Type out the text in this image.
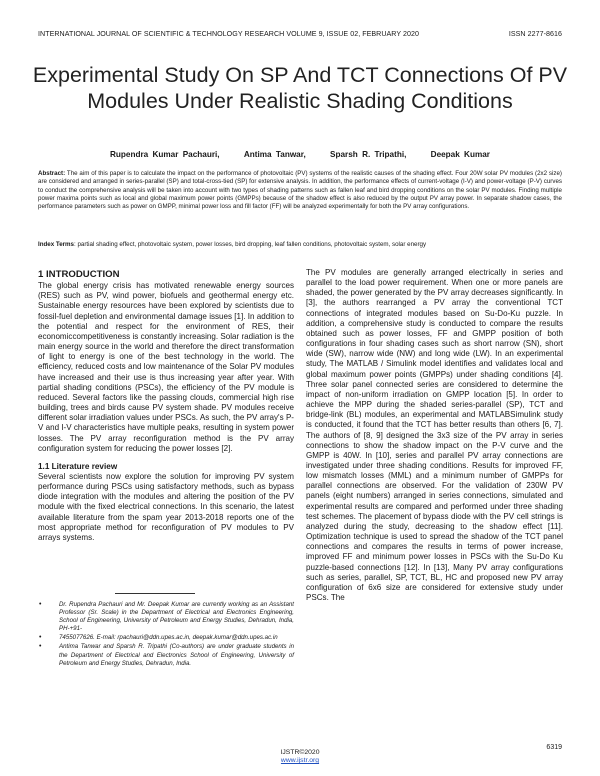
INTERNATIONAL JOURNAL OF SCIENTIFIC & TECHNOLOGY RESEARCH VOLUME 9, ISSUE 02, FEBRUARY 2020	ISSN 2277-8616
Experimental Study On SP And TCT Connections Of PV Modules Under Realistic Shading Conditions
Rupendra Kumar Pachauri,	Antima Tanwar,	Sparsh R. Tripathi,	Deepak Kumar
Abstract: The aim of this paper is to calculate the impact on the performance of photovoltaic (PV) systems of the realistic causes of the shading effect. Four 20W solar PV modules (2x2 size) are considered and arranged in series-parallel (SP) and total-cross-tied (SP) for extensive analysis. In addition, the performance effects of current-voltage (I-V) and power-voltage (P-V) curves to conduct the comprehensive analysis will be taken into account with two types of shading patterns such as fallen leaf and bird dropping conditions on the solar PV modules. Finding multiple power maxima points such as local and global maximum power points (GMPPs) because of the shadow effect is also reduced by the output PV array power. In separate shadow cases, the performance parameters such as power on GMPP, minimal power loss and fill factor (FF) will be analyzed experimentally for both the PV array configurations.
Index Terms: partial shading effect, photovoltaic system, power losses, bird dropping, leaf fallen conditions, photovoltaic system, solar energy
1 INTRODUCTION

The global energy crisis has motivated renewable energy sources (RES) such as PV, wind power, biofuels and geothermal energy etc. Sustainable energy resources have been explored by scientists due to fossil-fuel depletion and environmental damage issues [1]. In addition to the potential and respect for the environment of RES, their economiccompetitiveness is constantly increasing. Solar radiation is the main energy source in the world and therefore the direct transformation of light to energy is one of the best technology in the world. The efficiency, reduced costs and low maintenance of the Solar PV modules have increased and their use is thus increasing year after year. With partial shading conditions (PSCs), the efficiency of the PV module is reduced. Several factors like the passing clouds, commercial high rise building, trees and birds cause PV system shade. PV modules receive different solar irradiation values under PSCs. As such, the PV array's P-V and I-V characteristics have multiple peaks, resulting in system power losses. The PV array reconfiguration method is the PV array configuration system for reducing the power losses [2].

1.1 Literature review

Several scientists now explore the solution for improving PV system performance during PSCs using satisfactory methods, such as bypass diode integration with the modules and altering the position of the PV module with the fixed electrical connections. In this scenario, the latest available literature from the spam year 2013-2018 reports one of the most appropriate method for reconfiguration of PV modules to PV arrays systems.

The PV modules are generally arranged electrically in series and parallel to the load power requirement. When one or more panels are shaded, the power generated by the PV array decreases significantly. In [3], the authors rearranged a PV array the conventional TCT connections of integrated modules based on Su-Do-Ku puzzle. In addition, a comprehensive study is conducted to compare the results obtained such as power losses, FF and GMPP position of both configurations in four shading cases such as short narrow (SN), short wide (SW), narrow wide (NW) and long wide (LW). In an experimental study, The MATLAB / Simulink model identifies and validates local and global maximum power points (GMPPs) under shading conditions [4]. Three solar panel connected series are considered to determine the impact of non-uniform irradiation on GMPP location [5]. In order to achieve the MPP during the shaded series-parallel (SP), TCT and bridge-link (BL) modules, an experimental and MATLABSimulink study is conducted, it found that the TCT has better results than others [6, 7]. The authors of [8, 9] designed the 3x3 size of the PV array in series connections to show the shadow impact on the P-V curve and the GMPP is 40W. In [10], series and parallel PV array connections are investigated under three shading conditions. Results for improved FF, low mismatch losses (MML) and a minimum number of GMPPs for parallel connections are observed. For the validation of 230W PV panels (eight numbers) arranged in series connections, simulated and experimental results are compared and performed under three shading test schemes. The placement of bypass diode with the PV cell strings is analyzed during the study, decreasing to the shadow effect [11]. Optimization technique is used to spread the shadow of the TCT panel connections and compares the results in terms of power increase, improved FF and minimum power losses in PSCs with the Su-Do Ku puzzle-based connections [12]. In [13], Many PV array configurations such as series, parallel, SP, TCT, BL, HC and proposed new PV array configuration of 6x6 size are considered for extensive study under PSCs. The

• Dr. Rupendra Pachauri and Mr. Deepak Kumar are currently working as an Assistant Professor (Sr. Scale) in the Department of Electrical and Electronics Engineering, School of Engineering, University of Petroleum and Energy Studies, Dehradun, India, PH-+91-
• 7455077626. E-mail: rpachauri@ddn.upes.ac.in, deepak.kumar@ddn.upes.ac.in
• Antima Tanwar and Sparsh R. Tripathi (Co-authors) are under graduate students in the Department of Electrical and Electronics School of Engineering, University of Petroleum and Energy Studies, Dehradun, India.
6319
IJSTR©2020
www.ijstr.org
